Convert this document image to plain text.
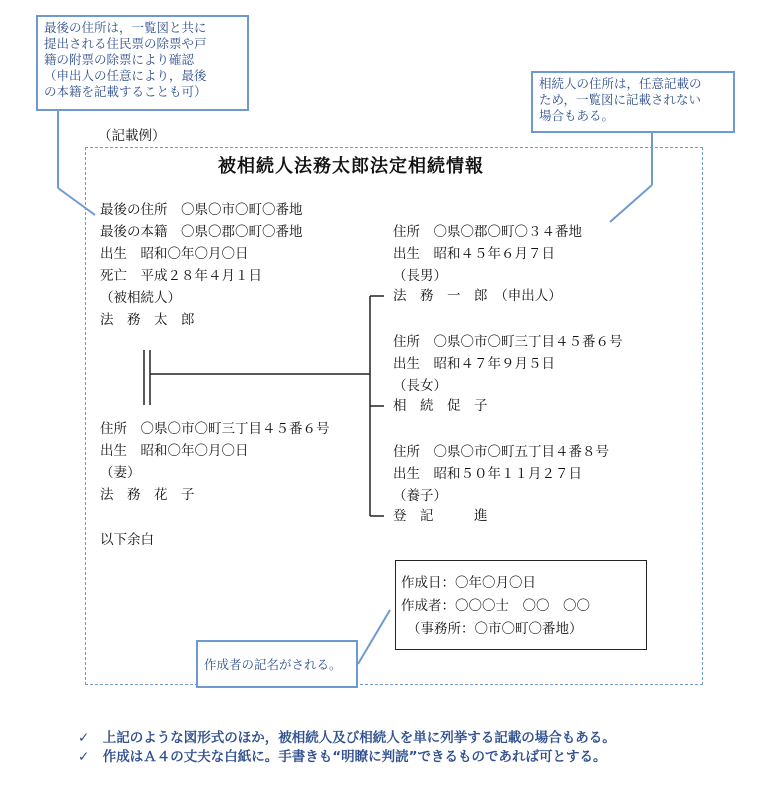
最後の住所は，一覧図と共に
提出される住民票の除票や戸
籍の附票の除票により確認
（申出人の任意により，最後
の本籍を記載することも可）
相続人の住所は，任意記載の
ため，一覧図に記載されない
場合もある。
（記載例）
被相続人法務太郎法定相続情報
最後の住所　〇県〇市〇町〇番地
最後の本籍　〇県〇郡〇町〇番地
出生　昭和〇年〇月〇日
死亡　平成２８年４月１日
（被相続人）
法　務　太　郎
住所　〇県〇市〇町三丁目４５番６号
出生　昭和〇年〇月〇日
（妻）
法　務　花　子
以下余白
住所　〇県〇郡〇町〇３４番地
出生　昭和４５年６月７日
（長男）
法　務　一　郎　（申出人）
住所　〇県〇市〇町三丁目４５番６号
出生　昭和４７年９月５日
（長女）
相　続　促　子
住所　〇県〇市〇町五丁目４番８号
出生　昭和５０年１１月２７日
（養子）
登　記　　　進
作成日：〇年〇月〇日
作成者：〇〇〇士　〇〇　〇〇
（事務所：〇市〇町〇番地）
作成者の記名がされる。
✓　上記のような図形式のほか，被相続人及び相続人を単に列挙する記載の場合もある。
✓　作成はＡ４の丈夫な白紙に。手書きも“明瞭に判読”できるものであれば可とする。
